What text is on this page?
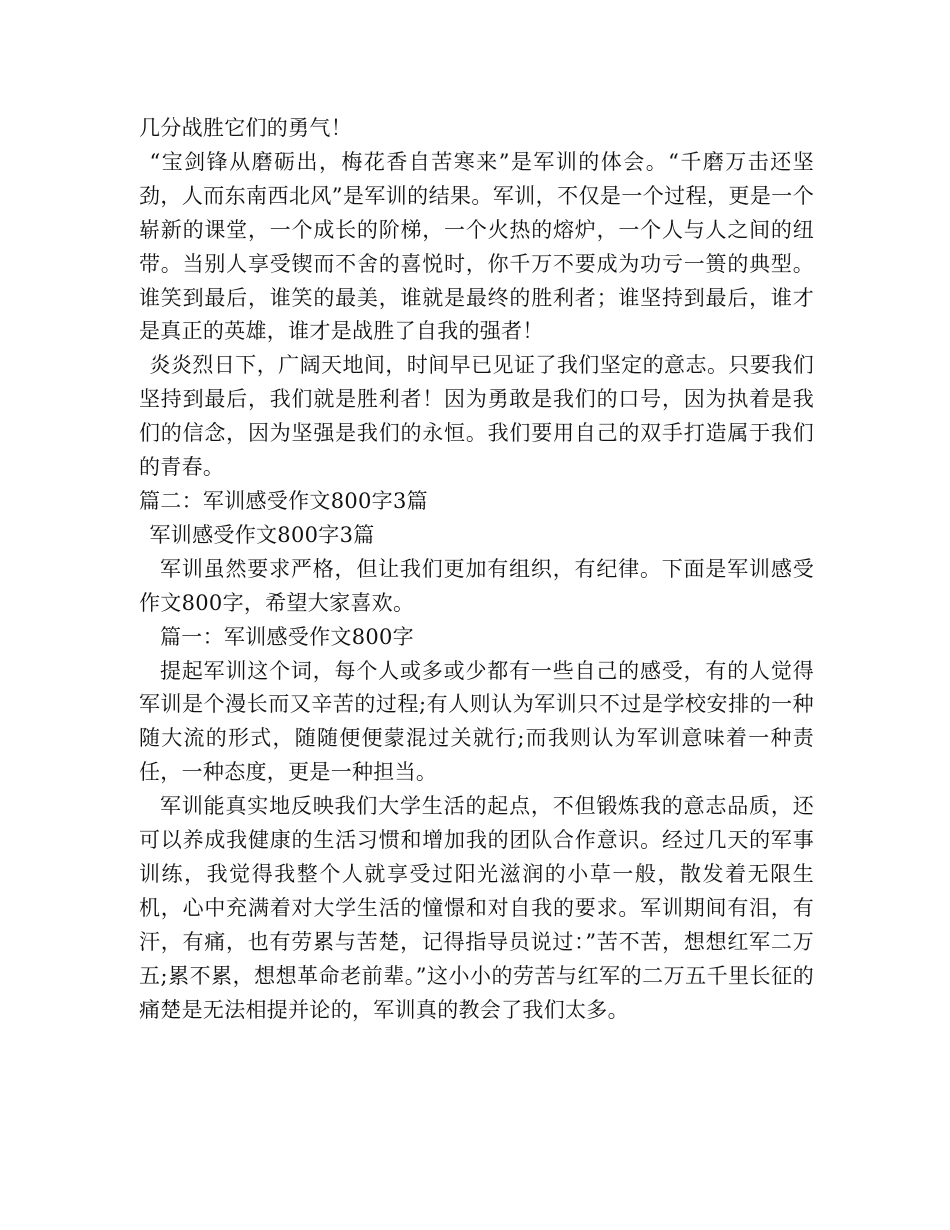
几分战胜它们的勇气！

“宝剑锋从磨砺出，梅花香自苦寒来”是军训的体会。“千磨万击还坚劲，人而东南西北风”是军训的结果。军训，不仅是一个过程，更是一个崭新的课堂，一个成长的阶梯，一个火热的熔炉，一个人与人之间的纽带。当别人享受锲而不舍的喜悦时，你千万不要成为功亏一篑的典型。谁笑到最后，谁笑的最美，谁就是最终的胜利者；谁坚持到最后，谁才是真正的英雄，谁才是战胜了自我的强者！

炎炎烈日下，广阔天地间，时间早已见证了我们坚定的意志。只要我们坚持到最后，我们就是胜利者！因为勇敢是我们的口号，因为执着是我们的信念，因为坚强是我们的永恒。我们要用自己的双手打造属于我们的青春。

篇二：军训感受作文800字3篇

军训感受作文800字3篇

军训虽然要求严格，但让我们更加有组织，有纪律。下面是军训感受作文800字，希望大家喜欢。

篇一：军训感受作文800字

提起军训这个词，每个人或多或少都有一些自己的感受，有的人觉得军训是个漫长而又辛苦的过程;有人则认为军训只不过是学校安排的一种随大流的形式，随随便便蒙混过关就行;而我则认为军训意味着一种责任，一种态度，更是一种担当。

军训能真实地反映我们大学生活的起点，不但锻炼我的意志品质，还可以养成我健康的生活习惯和增加我的团队合作意识。经过几天的军事训练，我觉得我整个人就享受过阳光滋润的小草一般，散发着无限生机，心中充满着对大学生活的憧憬和对自我的要求。军训期间有泪，有汗，有痛，也有劳累与苦楚，记得指导员说过：”苦不苦，想想红军二万五;累不累，想想革命老前辈。”这小小的劳苦与红军的二万五千里长征的痛楚是无法相提并论的，军训真的教会了我们太多。
